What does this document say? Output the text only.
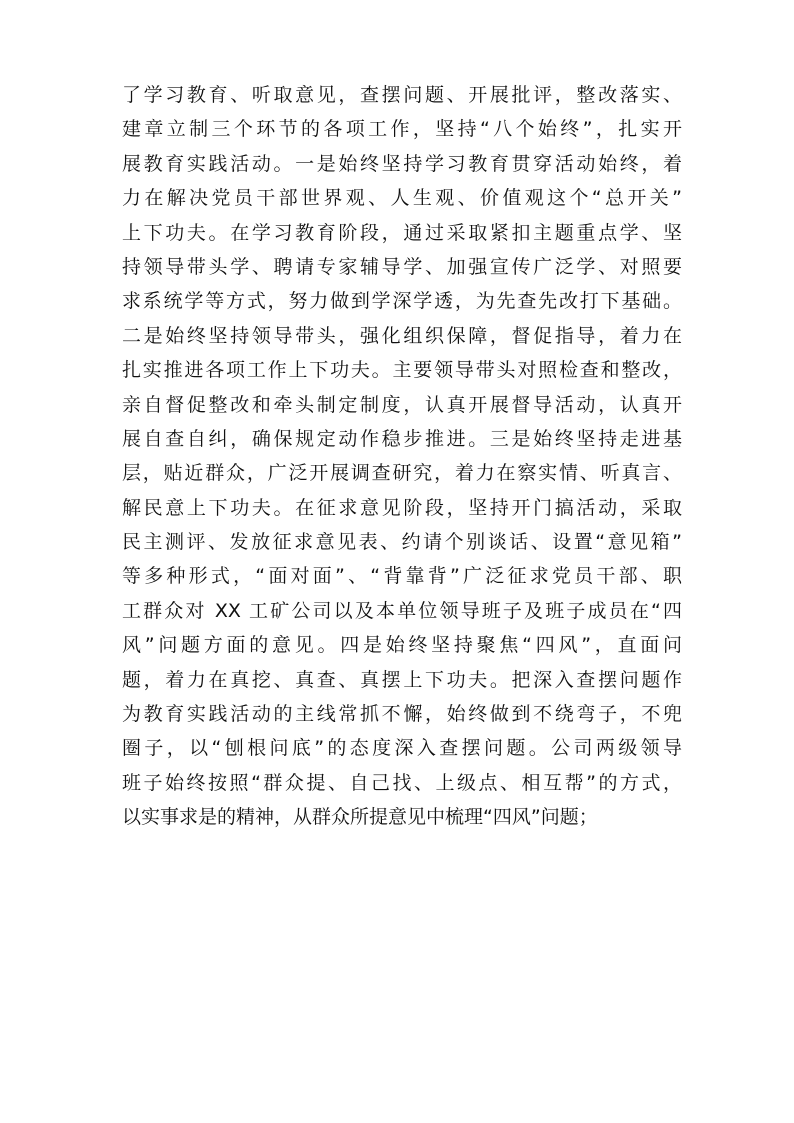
了学习教育、听取意见，查摆问题、开展批评，整改落实、
建章立制三个环节的各项工作，坚持“八个始终”，扎实开
展教育实践活动。一是始终坚持学习教育贯穿活动始终，着
力在解决党员干部世界观、人生观、价值观这个“总开关”
上下功夫。在学习教育阶段，通过采取紧扣主题重点学、坚
持领导带头学、聘请专家辅导学、加强宣传广泛学、对照要
求系统学等方式，努力做到学深学透，为先查先改打下基础。
二是始终坚持领导带头，强化组织保障，督促指导，着力在
扎实推进各项工作上下功夫。主要领导带头对照检查和整改，
亲自督促整改和牵头制定制度，认真开展督导活动，认真开
展自查自纠，确保规定动作稳步推进。三是始终坚持走进基
层，贴近群众，广泛开展调查研究，着力在察实情、听真言、
解民意上下功夫。在征求意见阶段，坚持开门搞活动，采取
民主测评、发放征求意见表、约请个别谈话、设置“意见箱”
等多种形式，“面对面”、“背靠背”广泛征求党员干部、职
工群众对 XX 工矿公司以及本单位领导班子及班子成员在“四
风”问题方面的意见。四是始终坚持聚焦“四风”，直面问
题，着力在真挖、真查、真摆上下功夫。把深入查摆问题作
为教育实践活动的主线常抓不懈，始终做到不绕弯子，不兜
圈子，以“刨根问底”的态度深入查摆问题。公司两级领导
班子始终按照“群众提、自己找、上级点、相互帮”的方式，
以实事求是的精神，从群众所提意见中梳理“四风”问题；
